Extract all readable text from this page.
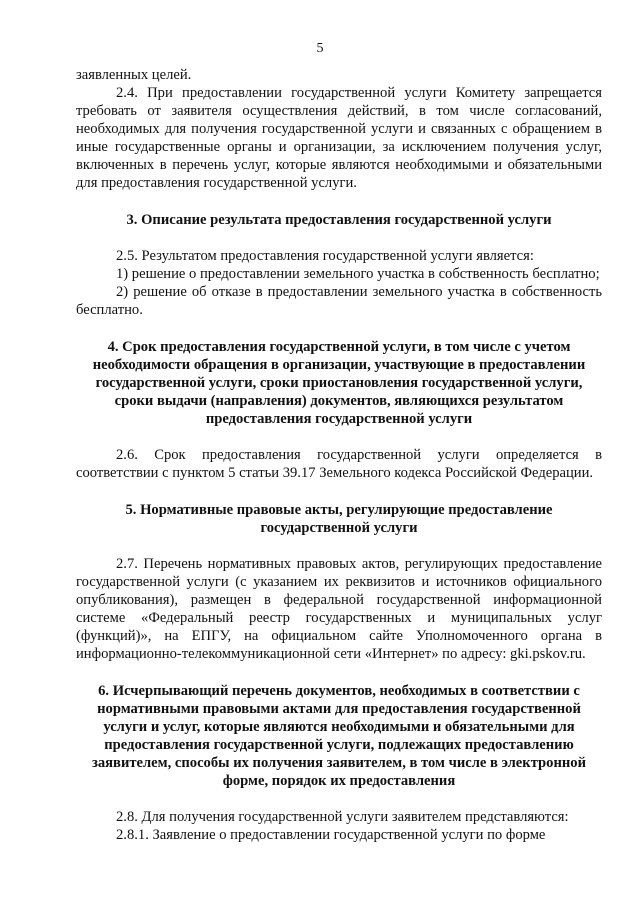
5

заявленных целей.

2.4. При предоставлении государственной услуги Комитету запрещается требовать от заявителя осуществления действий, в том числе согласований, необходимых для получения государственной услуги и связанных с обращением в иные государственные органы и организации, за исключением получения услуг, включенных в перечень услуг, которые являются необходимыми и обязательными для предоставления государственной услуги.

3. Описание результата предоставления государственной услуги

2.5. Результатом предоставления государственной услуги является:

1) решение о предоставлении земельного участка в собственность бесплатно;

2) решение об отказе в предоставлении земельного участка в собственность бесплатно.

4. Срок предоставления государственной услуги, в том числе с учетом необходимости обращения в организации, участвующие в предоставлении государственной услуги, сроки приостановления государственной услуги, сроки выдачи (направления) документов, являющихся результатом предоставления государственной услуги

2.6. Срок предоставления государственной услуги определяется в соответствии с пунктом 5 статьи 39.17 Земельного кодекса Российской Федерации.

5. Нормативные правовые акты, регулирующие предоставление государственной услуги

2.7. Перечень нормативных правовых актов, регулирующих предоставление государственной услуги (с указанием их реквизитов и источников официального опубликования), размещен в федеральной государственной информационной системе «Федеральный реестр государственных и муниципальных услуг (функций)», на ЕПГУ, на официальном сайте Уполномоченного органа в информационно-телекоммуникационной сети «Интернет» по адресу: gki.pskov.ru.

6. Исчерпывающий перечень документов, необходимых в соответствии с нормативными правовыми актами для предоставления государственной услуги и услуг, которые являются необходимыми и обязательными для предоставления государственной услуги, подлежащих предоставлению заявителем, способы их получения заявителем, в том числе в электронной форме, порядок их предоставления

2.8. Для получения государственной услуги заявителем представляются:

2.8.1. Заявление о предоставлении государственной услуги по форме
